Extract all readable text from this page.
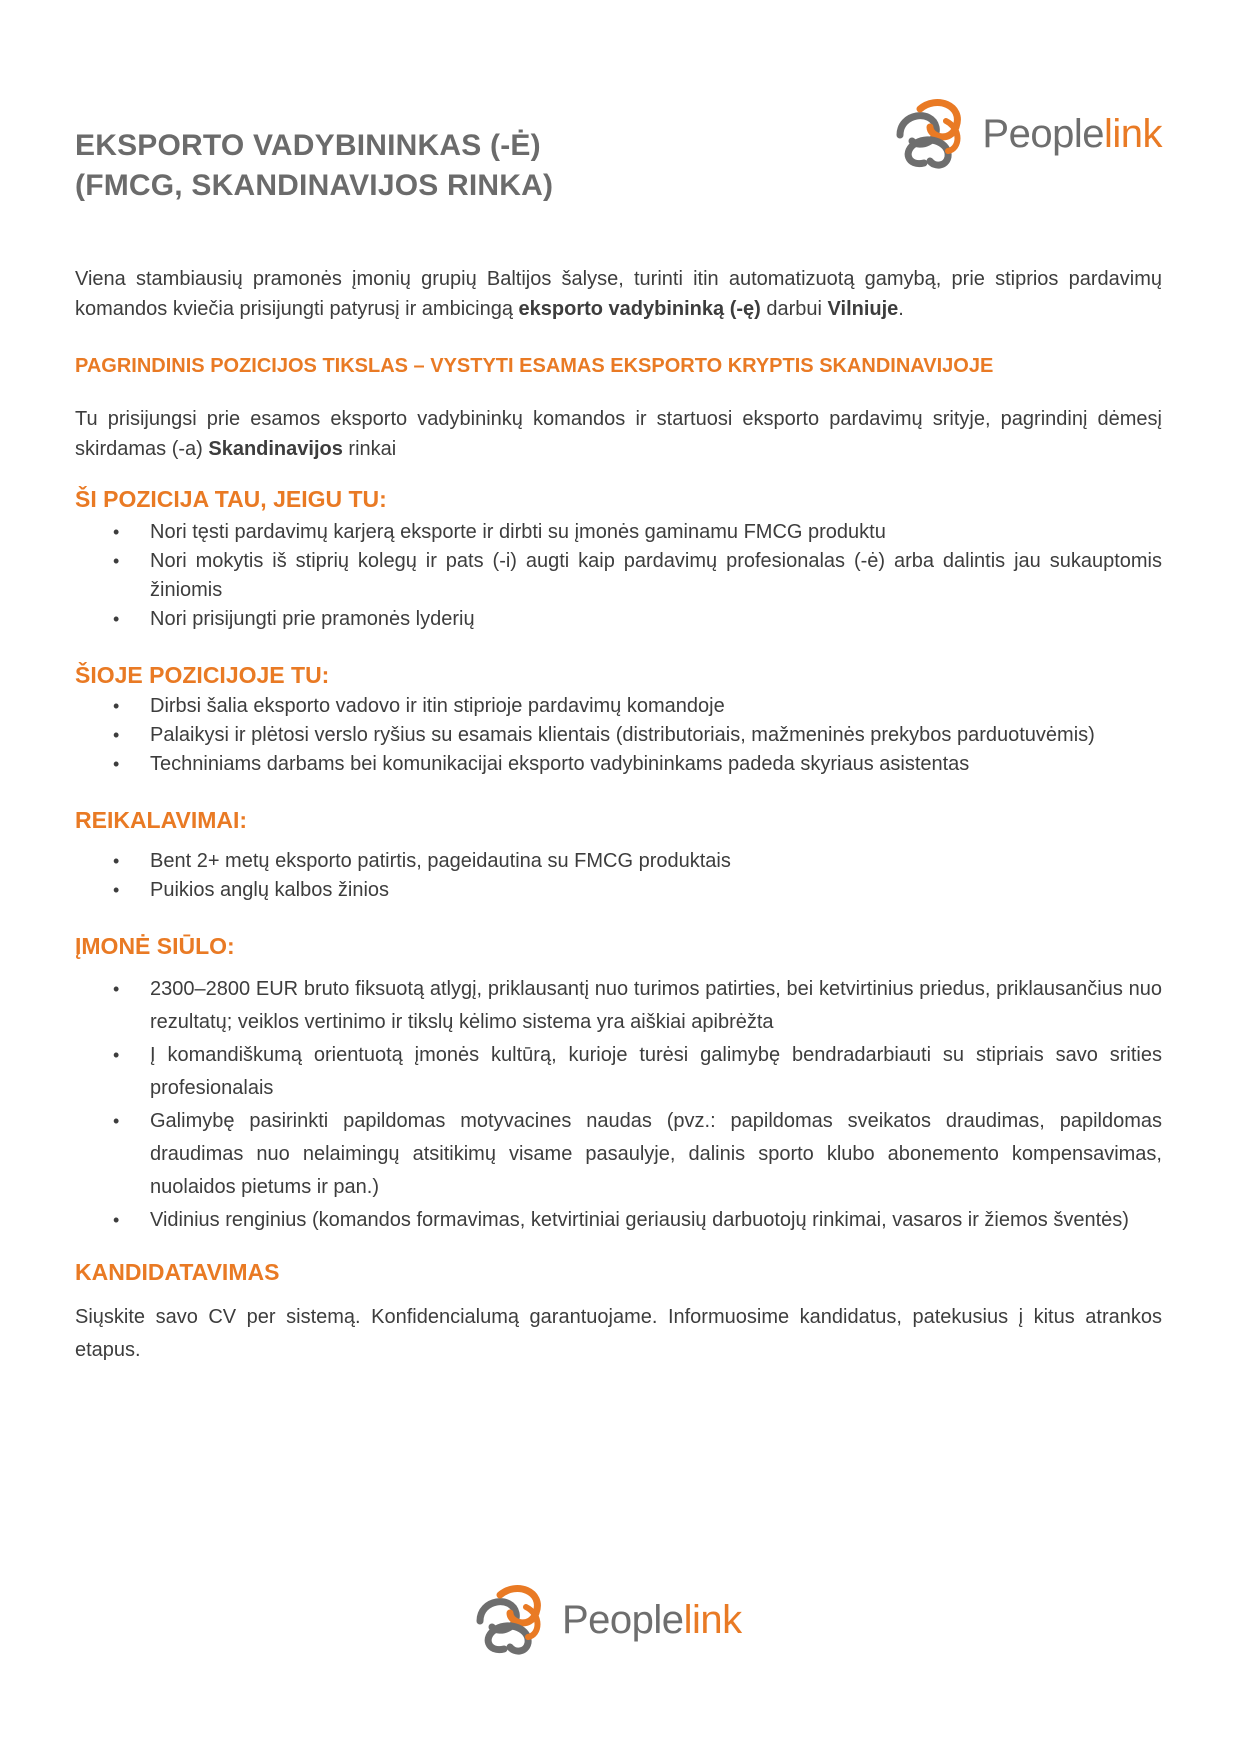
EKSPORTO VADYBININKAS (-Ė)
(FMCG, SKANDINAVIJOS RINKA)
Peoplelink

Viena stambiausių pramonės įmonių grupių Baltijos šalyse, turinti itin automatizuotą gamybą, prie stiprios pardavimų komandos kviečia prisijungti patyrusį ir ambicingą eksporto vadybininką (-ę) darbui Vilniuje.

PAGRINDINIS POZICIJOS TIKSLAS – VYSTYTI ESAMAS EKSPORTO KRYPTIS SKANDINAVIJOJE

Tu prisijungsi prie esamos eksporto vadybininkų komandos ir startuosi eksporto pardavimų srityje, pagrindinį dėmesį skirdamas (-a) Skandinavijos rinkai

ŠI POZICIJA TAU, JEIGU TU:
• Nori tęsti pardavimų karjerą eksporte ir dirbti su įmonės gaminamu FMCG produktu
• Nori mokytis iš stiprių kolegų ir pats (-i) augti kaip pardavimų profesionalas (-ė) arba dalintis jau sukauptomis žiniomis
• Nori prisijungti prie pramonės lyderių
ŠIOJE POZICIJOJE TU:
• Dirbsi šalia eksporto vadovo ir itin stiprioje pardavimų komandoje
• Palaikysi ir plėtosi verslo ryšius su esamais klientais (distributoriais, mažmeninės prekybos parduotuvėmis)
• Techniniams darbams bei komunikacijai eksporto vadybininkams padeda skyriaus asistentas
REIKALAVIMAI:
• Bent 2+ metų eksporto patirtis, pageidautina su FMCG produktais
• Puikios anglų kalbos žinios
ĮMONĖ SIŪLO:
• 2300–2800 EUR bruto fiksuotą atlygį, priklausantį nuo turimos patirties, bei ketvirtinius priedus, priklausančius nuo rezultatų; veiklos vertinimo ir tikslų kėlimo sistema yra aiškiai apibrėžta
• Į komandiškumą orientuotą įmonės kultūrą, kurioje turėsi galimybę bendradarbiauti su stipriais savo srities profesionalais
• Galimybę pasirinkti papildomas motyvacines naudas (pvz.: papildomas sveikatos draudimas, papildomas draudimas nuo nelaimingų atsitikimų visame pasaulyje, dalinis sporto klubo abonemento kompensavimas, nuolaidos pietums ir pan.)
• Vidinius renginius (komandos formavimas, ketvirtiniai geriausių darbuotojų rinkimai, vasaros ir žiemos šventės)
KANDIDATAVIMAS

Siųskite savo CV per sistemą. Konfidencialumą garantuojame. Informuosime kandidatus, patekusius į kitus atrankos etapus.

Peoplelink
